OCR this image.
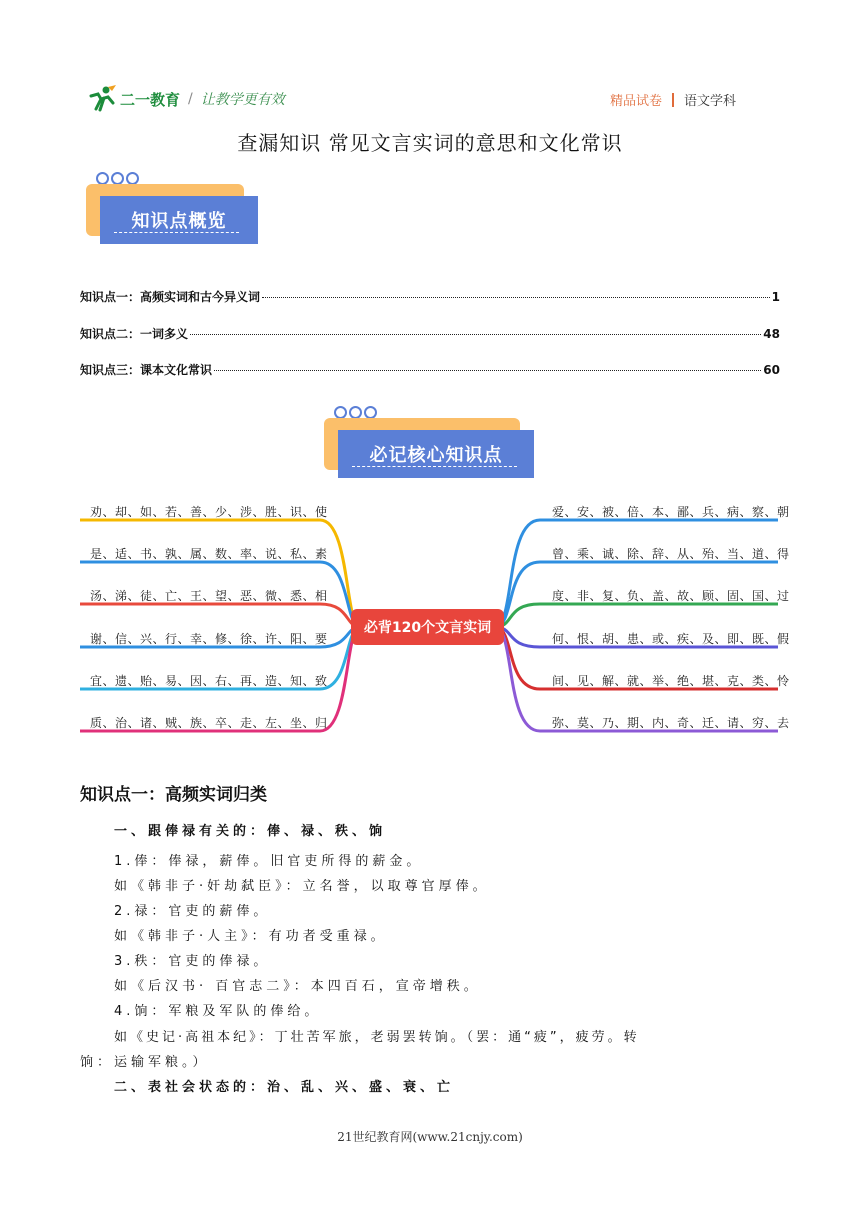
二一教育 / 让教学更有效	精品试卷 语文学科
查漏知识 常见文言实词的意思和文化常识
知识点概览
知识点一：高频实词和古今异义词	1
知识点二：一词多义	48
知识点三：课本文化常识	60
必记核心知识点
必背120个文言实词
劝、却、如、若、善、少、涉、胜、识、使
是、适、书、孰、属、数、率、说、私、素
汤、涕、徒、亡、王、望、恶、微、悉、相
谢、信、兴、行、幸、修、徐、许、阳、要
宜、遗、贻、易、因、右、再、造、知、致
质、治、诸、贼、族、卒、走、左、坐、归
爱、安、被、倍、本、鄙、兵、病、察、朝
曾、乘、诚、除、辞、从、殆、当、道、得
度、非、复、负、盖、故、顾、固、国、过
何、恨、胡、患、或、疾、及、即、既、假
间、见、解、就、举、绝、堪、克、类、怜
弥、莫、乃、期、内、奇、迁、请、穷、去
知识点一：高频实词归类
一、跟俸禄有关的：俸、禄、秩、饷
1.俸：俸禄，薪俸。旧官吏所得的薪金。
如《韩非子·奸劫弑臣》：立名誉，以取尊官厚俸。
2.禄：官吏的薪俸。
如《韩非子·人主》：有功者受重禄。
3.秩：官吏的俸禄。
如《后汉书· 百官志二》：本四百石，宣帝增秩。
4.饷：军粮及军队的俸给。
如《史记·高祖本纪》：丁壮苦军旅，老弱罢转饷。（罢：通“疲”，疲劳。转
饷：运输军粮。）
二、表社会状态的：治、乱、兴、盛、衰、亡
21世纪教育网(www.21cnjy.com)
